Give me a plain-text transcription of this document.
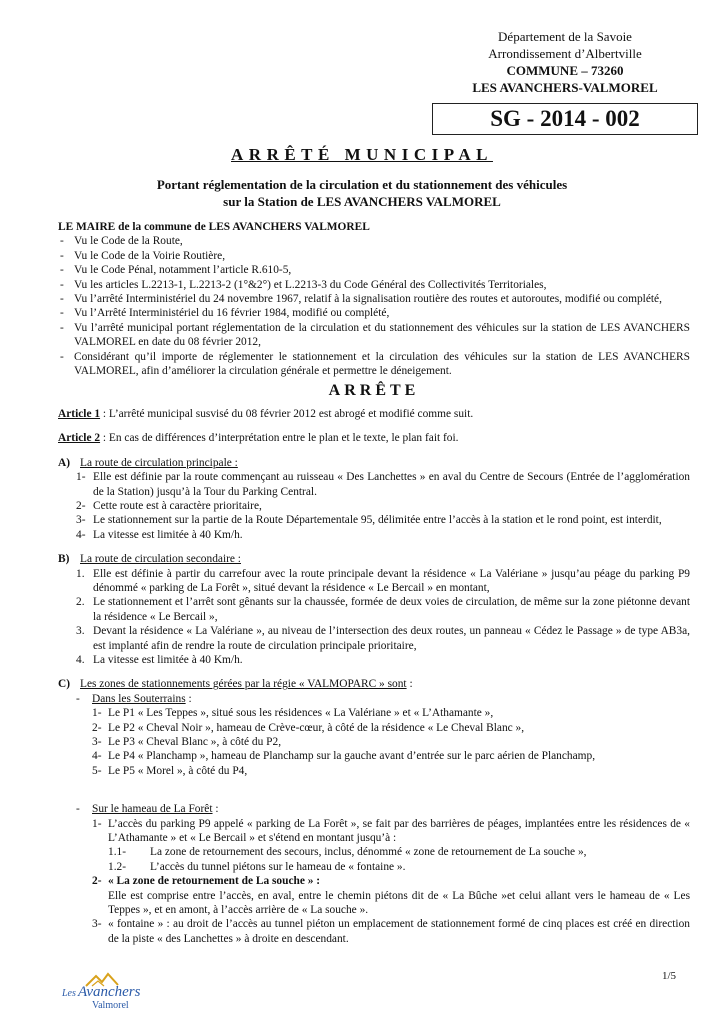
Département de la Savoie
Arrondissement d’Albertville
COMMUNE – 73260
LES AVANCHERS-VALMOREL
SG - 2014 - 002
ARRÊTÉ MUNICIPAL
Portant réglementation de la circulation et du stationnement des véhicules
sur la Station de LES AVANCHERS VALMOREL

LE MAIRE de la commune de LES AVANCHERS VALMOREL

- Vu le Code de la Route,
- Vu le Code de la Voirie Routière,
- Vu le Code Pénal, notamment l’article R.610-5,
- Vu les articles L.2213-1, L.2213-2 (1°&2°) et L.2213-3 du Code Général des Collectivités Territoriales,
- Vu l’arrêté Interministériel du 24 novembre 1967, relatif à la signalisation routière des routes et autoroutes, modifié ou complété,
- Vu l’Arrêté Interministériel du 16 février 1984, modifié ou complété,
- Vu l’arrêté municipal portant réglementation de la circulation et du stationnement des véhicules sur la station de LES AVANCHERS VALMOREL en date du 08 février 2012,
- Considérant qu’il importe de réglementer le stationnement et la circulation des véhicules sur la station de LES AVANCHERS VALMOREL, afin d’améliorer la circulation générale et permettre le déneigement.
ARRÊTE

Article 1 : L’arrêté municipal susvisé du 08 février 2012 est abrogé et modifié comme suit.

Article 2 : En cas de différences d’interprétation entre le plan et le texte, le plan fait foi.

A) La route de circulation principale :
1- Elle est définie par la route commençant au ruisseau « Des Lanchettes » en aval du Centre de Secours (Entrée de l’agglomération de la Station) jusqu’à la Tour du Parking Central.
2- Cette route est à caractère prioritaire,
3- Le stationnement sur la partie de la Route Départementale 95, délimitée entre l’accès à la station et le rond point, est interdit,
4- La vitesse est limitée à 40 Km/h.
B) La route de circulation secondaire :
1. Elle est définie à partir du carrefour avec la route principale devant la résidence « La Valériane » jusqu’au péage du parking P9 dénommé « parking de La Forêt », situé devant la résidence « Le Bercail » en montant,
2. Le stationnement et l’arrêt sont gênants sur la chaussée, formée de deux voies de circulation, de même sur la zone piétonne devant la résidence « Le Bercail »,
3. Devant la résidence « La Valériane », au niveau de l’intersection des deux routes, un panneau « Cédez le Passage » de type AB3a, est implanté afin de rendre la route de circulation principale prioritaire,
4. La vitesse est limitée à 40 Km/h.
C) Les zones de stationnements gérées par la régie « VALMOPARC » sont :
- Dans les Souterrains :
1- Le P1 « Les Teppes », situé sous les résidences « La Valériane » et « L’Athamante »,
2- Le P2 « Cheval Noir », hameau de Crève-cœur, à côté de la résidence « Le Cheval Blanc »,
3- Le P3 « Cheval Blanc », à côté du P2,
4- Le P4 « Planchamp », hameau de Planchamp sur la gauche avant d’entrée sur le parc aérien de Planchamp,
5- Le P5 « Morel », à côté du P4,
- Sur le hameau de La Forêt :
1- L’accès du parking P9 appelé « parking de La Forêt », se fait par des barrières de péages, implantées entre les résidences de « L’Athamante » et « Le Bercail » et s'étend en montant jusqu’à :
1.1- La zone de retournement des secours, inclus, dénommé « zone de retournement de La souche »,
1.2- L’accès du tunnel piétons sur le hameau de « fontaine ».
2- « La zone de retournement de La souche » :
Elle est comprise entre l’accès, en aval, entre le chemin piétons dit de « La Bûche »et celui allant vers le hameau de « Les Teppes », et en amont, à l’accès arrière de « La souche ».
3- « fontaine » : au droit de l’accès au tunnel piéton un emplacement de stationnement formé de cinq places est créé en direction de la piste « des Lanchettes » à droite en descendant.
1/5
Les Avanchers
Valmorel
